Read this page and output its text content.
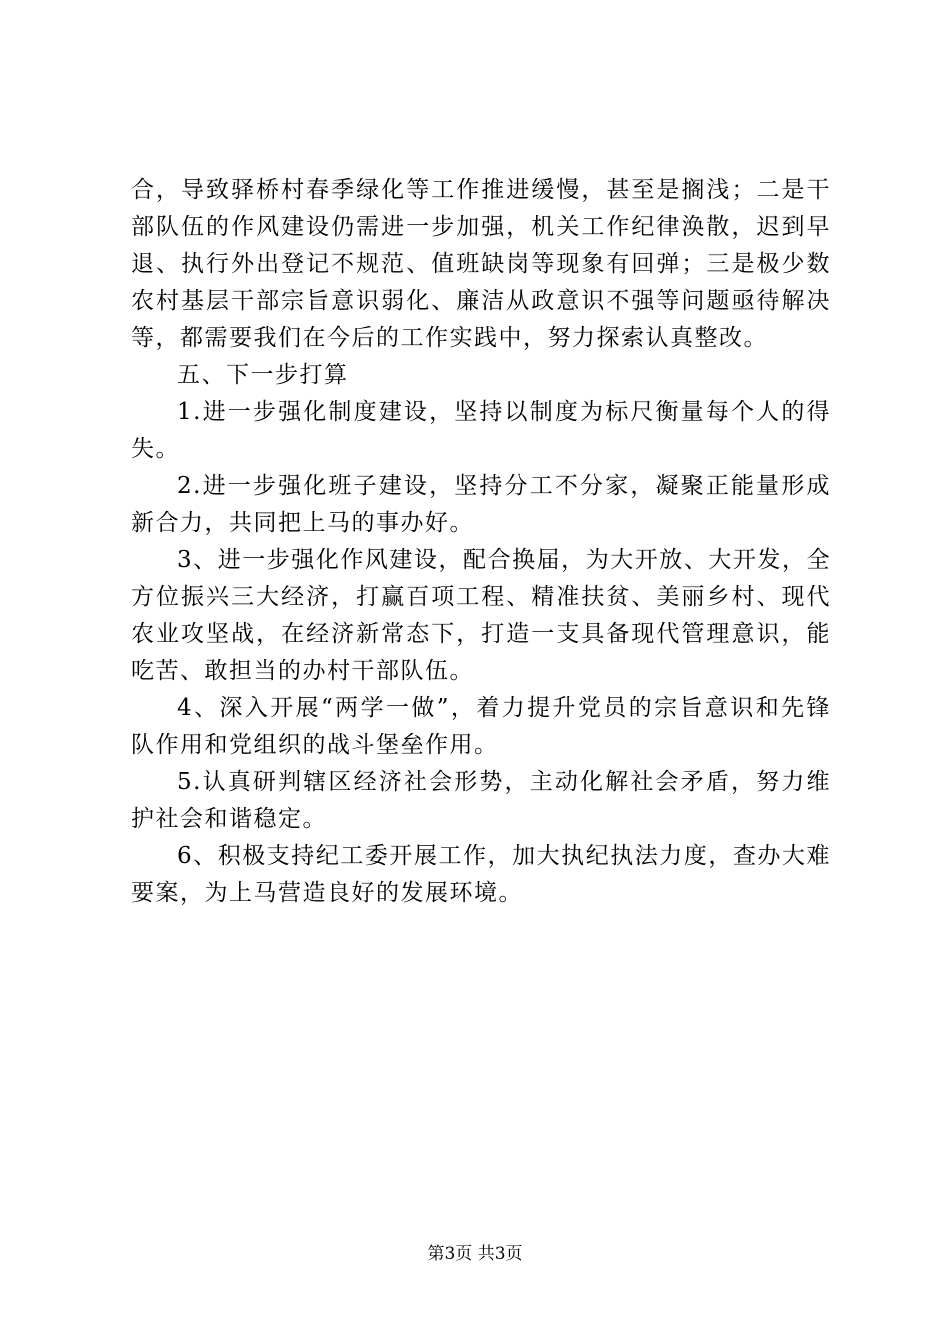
合，导致驿桥村春季绿化等工作推进缓慢，甚至是搁浅；二是干部队伍的作风建设仍需进一步加强，机关工作纪律涣散，迟到早退、执行外出登记不规范、值班缺岗等现象有回弹；三是极少数农村基层干部宗旨意识弱化、廉洁从政意识不强等问题亟待解决等，都需要我们在今后的工作实践中，努力探索认真整改。

五、下一步打算

1.进一步强化制度建设，坚持以制度为标尺衡量每个人的得失。

2.进一步强化班子建设，坚持分工不分家，凝聚正能量形成新合力，共同把上马的事办好。

3、进一步强化作风建设，配合换届，为大开放、大开发，全方位振兴三大经济，打赢百项工程、精准扶贫、美丽乡村、现代农业攻坚战，在经济新常态下，打造一支具备现代管理意识，能吃苦、敢担当的办村干部队伍。

4、深入开展“两学一做”，着力提升党员的宗旨意识和先锋队作用和党组织的战斗堡垒作用。

5.认真研判辖区经济社会形势，主动化解社会矛盾，努力维护社会和谐稳定。

6、积极支持纪工委开展工作，加大执纪执法力度，查办大难要案，为上马营造良好的发展环境。

第3页 共3页
